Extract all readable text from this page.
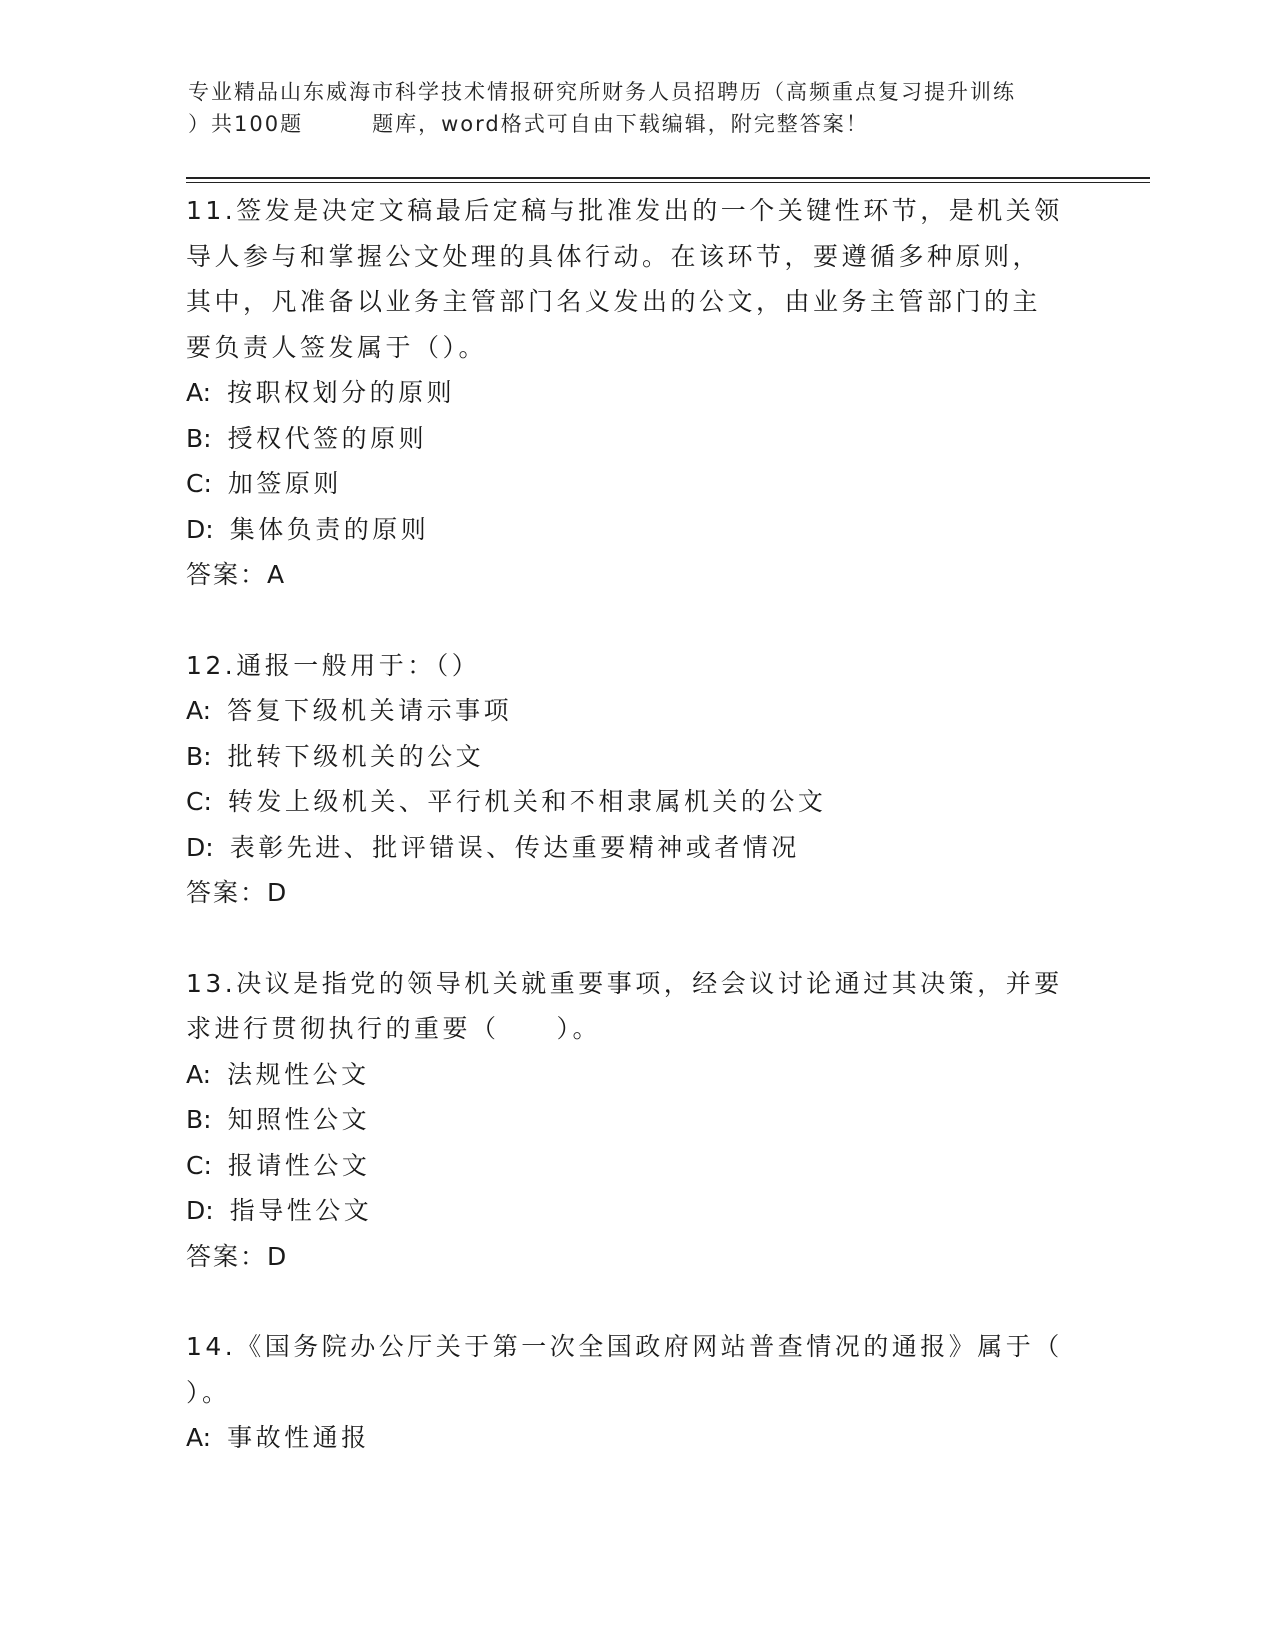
专业精品山东威海市科学技术情报研究所财务人员招聘历（高频重点复习提升训练
）共100题　　　题库，word格式可自由下载编辑，附完整答案！
11.签发是决定文稿最后定稿与批准发出的一个关键性环节，是机关领
导人参与和掌握公文处理的具体行动。在该环节，要遵循多种原则，
其中，凡准备以业务主管部门名义发出的公文，由业务主管部门的主
要负责人签发属于（）。
A: 按职权划分的原则
B: 授权代签的原则
C: 加签原则
D: 集体负责的原则
答案：A
12.通报一般用于：（）
A: 答复下级机关请示事项
B: 批转下级机关的公文
C: 转发上级机关、平行机关和不相隶属机关的公文
D: 表彰先进、批评错误、传达重要精神或者情况
答案：D
13.决议是指党的领导机关就重要事项，经会议讨论通过其决策，并要
求进行贯彻执行的重要（　　）。
A: 法规性公文
B: 知照性公文
C: 报请性公文
D: 指导性公文
答案：D
14.《国务院办公厅关于第一次全国政府网站普查情况的通报》属于（
）。
A: 事故性通报
